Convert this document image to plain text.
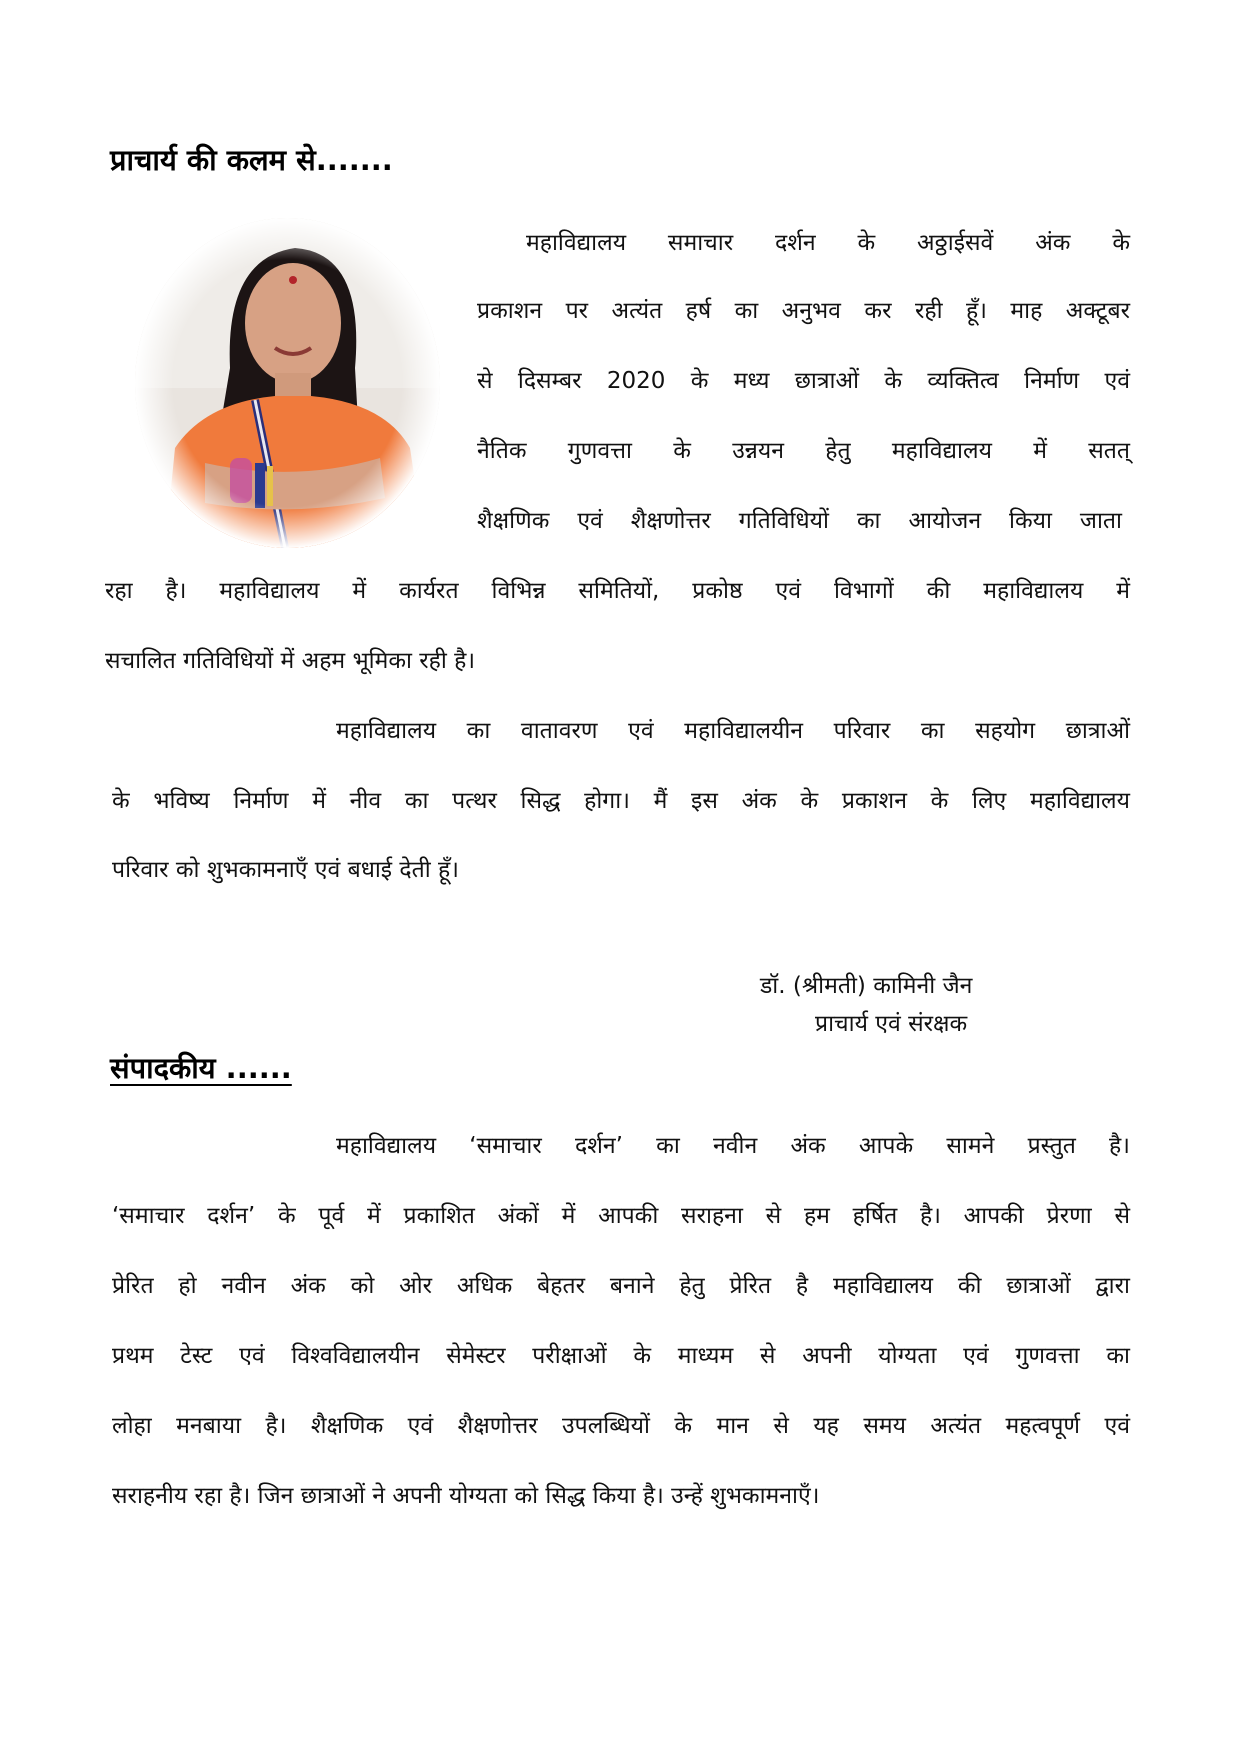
प्राचार्य की कलम से.......
महाविद्यालय समाचार दर्शन के अठ्ठाईसवें अंक के
प्रकाशन पर अत्यंत हर्ष का अनुभव कर रही हूँ। माह अक्टूबर
से दिसम्बर 2020 के मध्य छात्राओं के व्यक्तित्व निर्माण एवं
नैतिक गुणवत्ता के उन्नयन हेतु महाविद्यालय में सतत्
शैक्षणिक एवं शैक्षणोत्तर गतिविधियों का आयोजन किया जाता
रहा है। महाविद्यालय में कार्यरत विभिन्न समितियों, प्रकोष्ठ एवं विभागों की महाविद्यालय में
सचालित गतिविधियों में अहम भूमिका रही है।
महाविद्यालय का वातावरण एवं महाविद्यालयीन परिवार का सहयोग छात्राओं
के भविष्य निर्माण में नीव का पत्थर सिद्ध होगा। मैं इस अंक के प्रकाशन के लिए महाविद्यालय
परिवार को शुभकामनाएँ एवं बधाई देती हूँ।
डॉ. (श्रीमती) कामिनी जैन
प्राचार्य एवं संरक्षक
संपादकीय ......
महाविद्यालय ‘समाचार दर्शन’ का नवीन अंक आपके सामने प्रस्तुत है।
‘समाचार दर्शन’ के पूर्व में प्रकाशित अंकों में आपकी सराहना से हम हर्षित है। आपकी प्रेरणा से
प्रेरित हो नवीन अंक को ओर अधिक बेहतर बनाने हेतु प्रेरित है महाविद्यालय की छात्राओं द्वारा
प्रथम टेस्ट एवं विश्वविद्यालयीन सेमेस्टर परीक्षाओं के माध्यम से अपनी योग्यता एवं गुणवत्ता का
लोहा मनबाया है। शैक्षणिक एवं शैक्षणोत्तर उपलब्धियों के मान से यह समय अत्यंत महत्वपूर्ण एवं
सराहनीय रहा है। जिन छात्राओं ने अपनी योग्यता को सिद्ध किया है। उन्हें शुभकामनाएँ।
